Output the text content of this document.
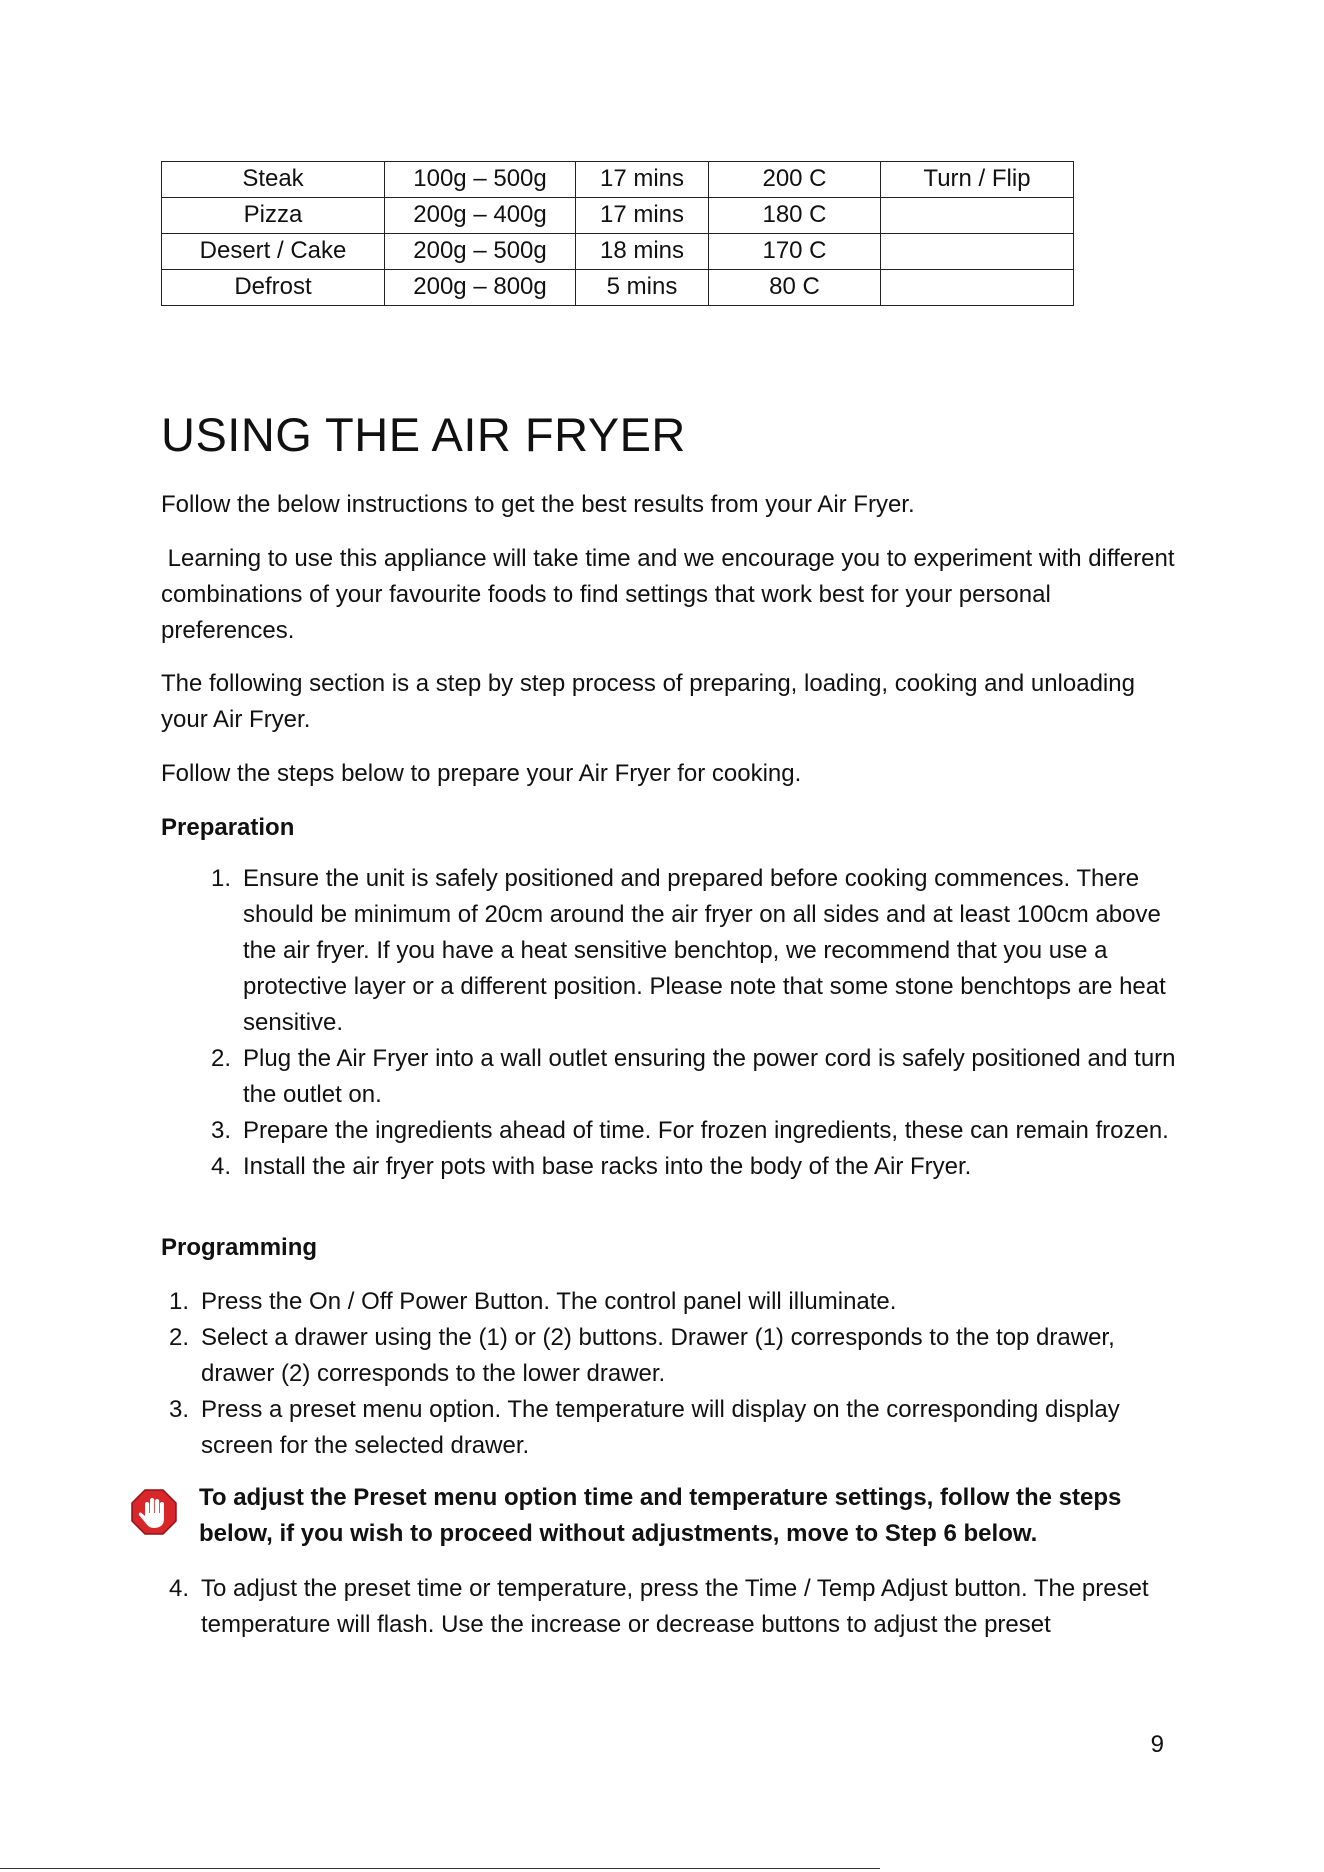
Steak	100g – 500g	17 mins	200 C	Turn / Flip
Pizza	200g – 400g	17 mins	180 C	
Desert / Cake	200g – 500g	18 mins	170 C	
Defrost	200g – 800g	5 mins	80 C	
USING THE AIR FRYER

Follow the below instructions to get the best results from your Air Fryer.

Learning to use this appliance will take time and we encourage you to experiment with different combinations of your favourite foods to find settings that work best for your personal preferences.

The following section is a step by step process of preparing, loading, cooking and unloading your Air Fryer.

Follow the steps below to prepare your Air Fryer for cooking.

Preparation
1. Ensure the unit is safely positioned and prepared before cooking commences. There should be minimum of 20cm around the air fryer on all sides and at least 100cm above the air fryer. If you have a heat sensitive benchtop, we recommend that you use a protective layer or a different position. Please note that some stone benchtops are heat sensitive.
2. Plug the Air Fryer into a wall outlet ensuring the power cord is safely positioned and turn the outlet on.
3. Prepare the ingredients ahead of time. For frozen ingredients, these can remain frozen.
4. Install the air fryer pots with base racks into the body of the Air Fryer.
Programming
1. Press the On / Off Power Button. The control panel will illuminate.
2. Select a drawer using the (1) or (2) buttons. Drawer (1) corresponds to the top drawer, drawer (2) corresponds to the lower drawer.
3. Press a preset menu option. The temperature will display on the corresponding display screen for the selected drawer.

To adjust the Preset menu option time and temperature settings, follow the steps below, if you wish to proceed without adjustments, move to Step 6 below.

4. To adjust the preset time or temperature, press the Time / Temp Adjust button. The preset temperature will flash. Use the increase or decrease buttons to adjust the preset
9
